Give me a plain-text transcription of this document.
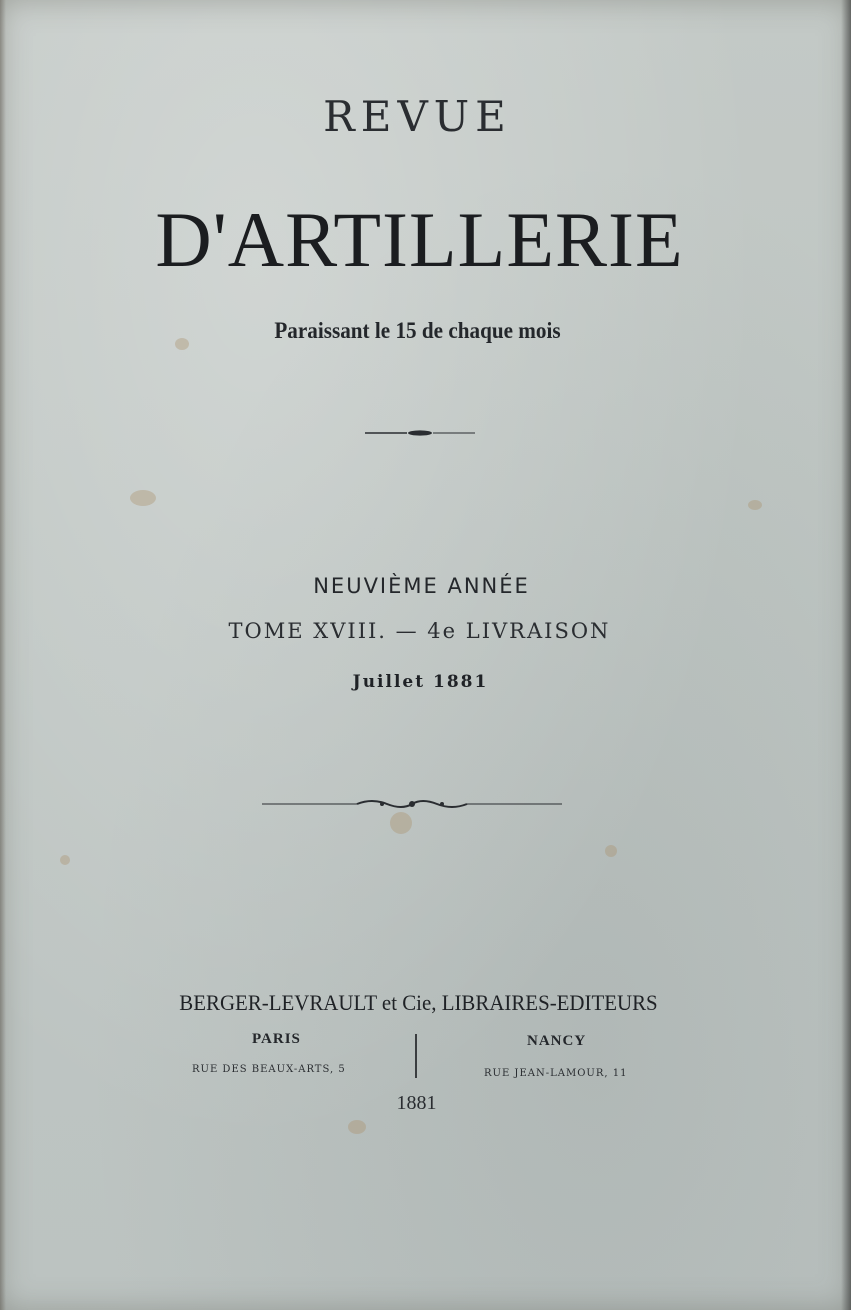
REVUE
D'ARTILLERIE
Paraissant le 15 de chaque mois
NEUVIÈME ANNÉE
TOME XVIII. — 4e LIVRAISON
Juillet 1881
BERGER-LEVRAULT et Cie, LIBRAIRES-EDITEURS
PARIS
RUE DES BEAUX-ARTS, 5
NANCY
RUE JEAN-LAMOUR, 11
1881
